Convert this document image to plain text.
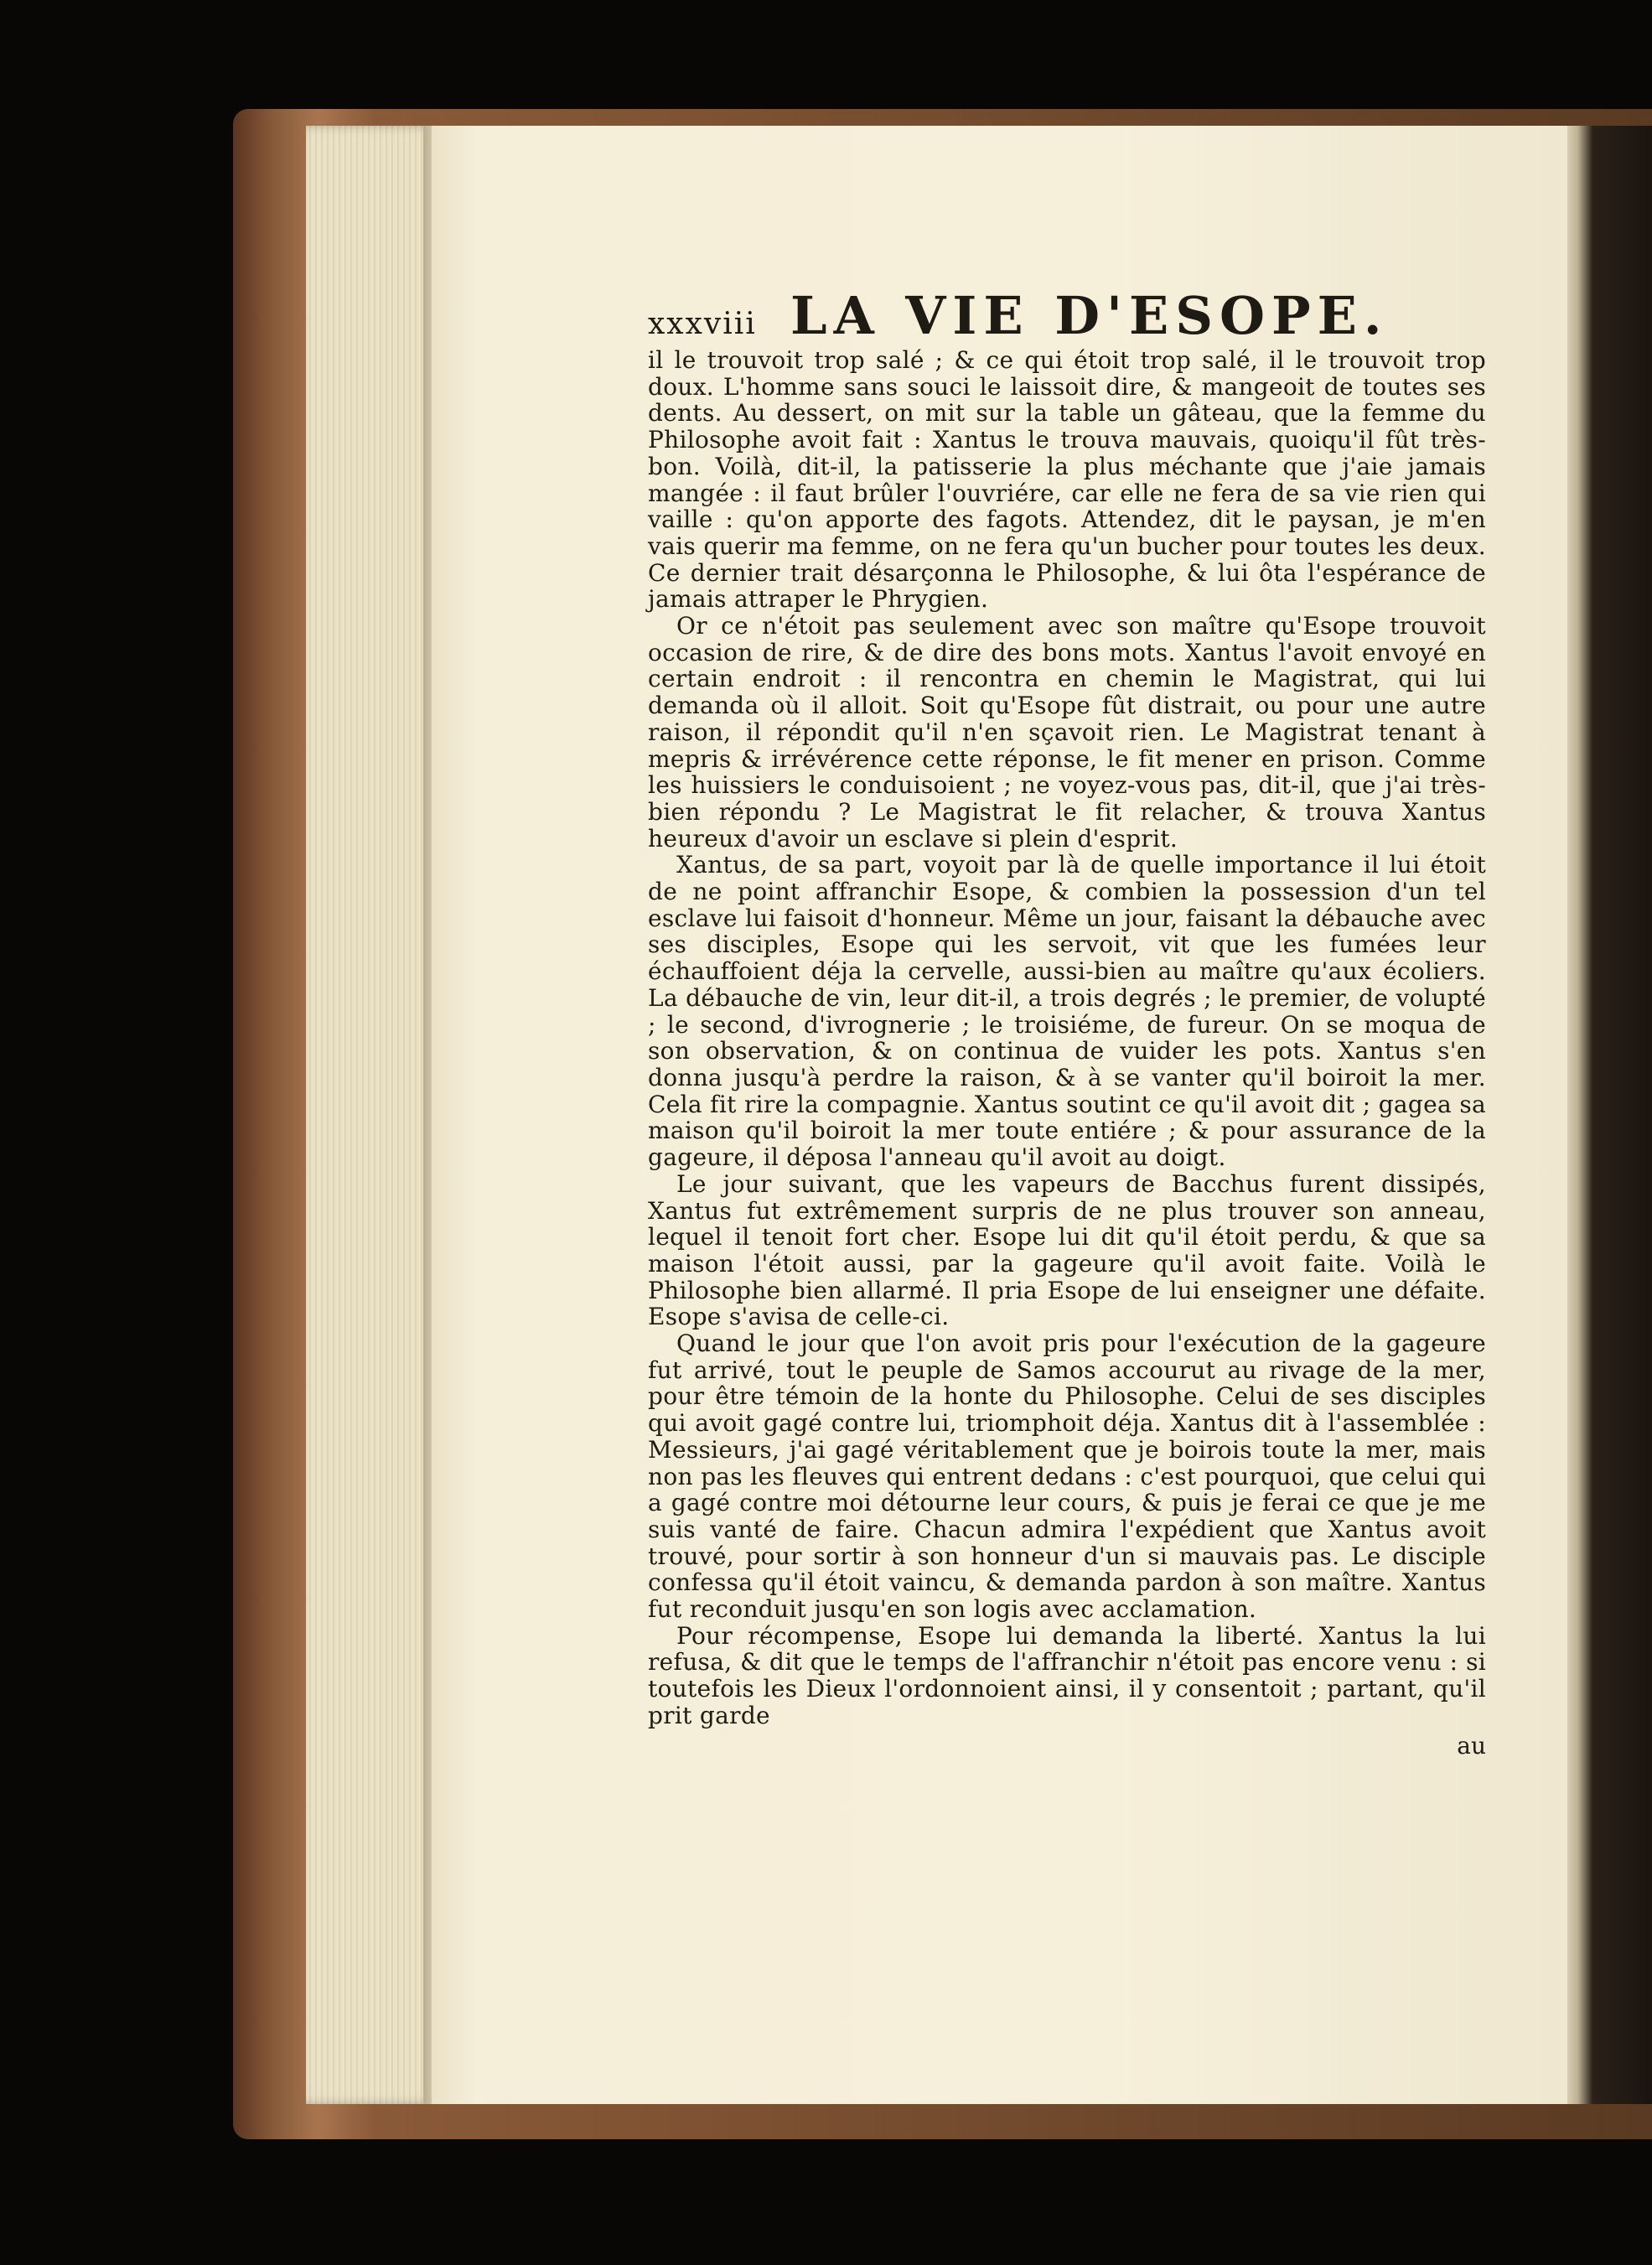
xxxviii LA VIE D'ESOPE.

il le trouvoit trop salé ; & ce qui étoit trop salé, il le trouvoit trop doux. L'homme sans souci le laissoit dire, & mangeoit de toutes ses dents. Au dessert, on mit sur la table un gâteau, que la femme du Philosophe avoit fait : Xantus le trouva mauvais, quoiqu'il fût très-bon. Voilà, dit-il, la patisserie la plus méchante que j'aie jamais mangée : il faut brûler l'ouvriére, car elle ne fera de sa vie rien qui vaille : qu'on apporte des fagots. Attendez, dit le paysan, je m'en vais querir ma femme, on ne fera qu'un bucher pour toutes les deux. Ce dernier trait désarçonna le Philosophe, & lui ôta l'espérance de jamais attraper le Phrygien.

Or ce n'étoit pas seulement avec son maître qu'Esope trouvoit occasion de rire, & de dire des bons mots. Xantus l'avoit envoyé en certain endroit : il rencontra en chemin le Magistrat, qui lui demanda où il alloit. Soit qu'Esope fût distrait, ou pour une autre raison, il répondit qu'il n'en sçavoit rien. Le Magistrat tenant à mepris & irrévérence cette réponse, le fit mener en prison. Comme les huissiers le conduisoient ; ne voyez-vous pas, dit-il, que j'ai très-bien répondu ? Le Magistrat le fit relacher, & trouva Xantus heureux d'avoir un esclave si plein d'esprit.

Xantus, de sa part, voyoit par là de quelle importance il lui étoit de ne point affranchir Esope, & combien la possession d'un tel esclave lui faisoit d'honneur. Même un jour, faisant la débauche avec ses disciples, Esope qui les servoit, vit que les fumées leur échauffoient déja la cervelle, aussi-bien au maître qu'aux écoliers. La débauche de vin, leur dit-il, a trois degrés ; le premier, de volupté ; le second, d'ivrognerie ; le troisiéme, de fureur. On se moqua de son observation, & on continua de vuider les pots. Xantus s'en donna jusqu'à perdre la raison, & à se vanter qu'il boiroit la mer. Cela fit rire la compagnie. Xantus soutint ce qu'il avoit dit ; gagea sa maison qu'il boiroit la mer toute entiére ; & pour assurance de la gageure, il déposa l'anneau qu'il avoit au doigt.

Le jour suivant, que les vapeurs de Bacchus furent dissipés, Xantus fut extrêmement surpris de ne plus trouver son anneau, lequel il tenoit fort cher. Esope lui dit qu'il étoit perdu, & que sa maison l'étoit aussi, par la gageure qu'il avoit faite. Voilà le Philosophe bien allarmé. Il pria Esope de lui enseigner une défaite. Esope s'avisa de celle-ci.

Quand le jour que l'on avoit pris pour l'exécution de la gageure fut arrivé, tout le peuple de Samos accourut au rivage de la mer, pour être témoin de la honte du Philosophe. Celui de ses disciples qui avoit gagé contre lui, triomphoit déja. Xantus dit à l'assemblée : Messieurs, j'ai gagé véritablement que je boirois toute la mer, mais non pas les fleuves qui entrent dedans : c'est pourquoi, que celui qui a gagé contre moi détourne leur cours, & puis je ferai ce que je me suis vanté de faire. Chacun admira l'expédient que Xantus avoit trouvé, pour sortir à son honneur d'un si mauvais pas. Le disciple confessa qu'il étoit vaincu, & demanda pardon à son maître. Xantus fut reconduit jusqu'en son logis avec acclamation.

Pour récompense, Esope lui demanda la liberté. Xantus la lui refusa, & dit que le temps de l'affranchir n'étoit pas encore venu : si toutefois les Dieux l'ordonnoient ainsi, il y consentoit ; partant, qu'il prit garde

au
